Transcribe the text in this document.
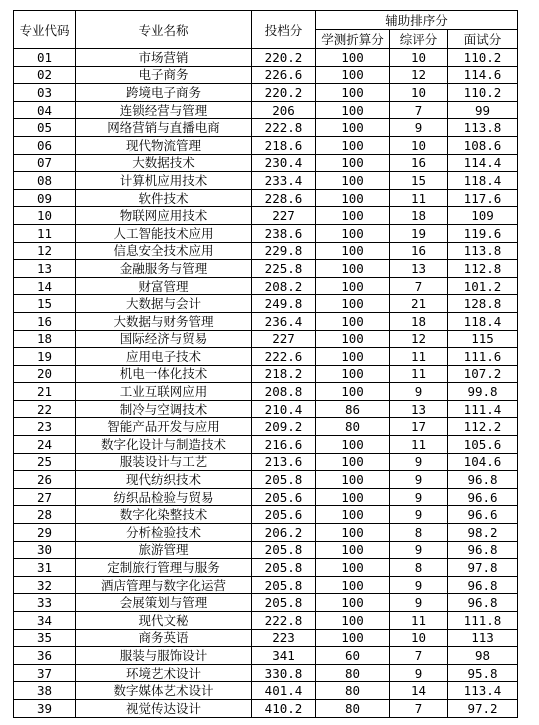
专业代码	专业名称	投档分	辅助排序分		
			学测折算分	综评分	面试分
01	市场营销	220.2	100	10	110.2
02	电子商务	226.6	100	12	114.6
03	跨境电子商务	220.2	100	10	110.2
04	连锁经营与管理	206	100	7	99
05	网络营销与直播电商	222.8	100	9	113.8
06	现代物流管理	218.6	100	10	108.6
07	大数据技术	230.4	100	16	114.4
08	计算机应用技术	233.4	100	15	118.4
09	软件技术	228.6	100	11	117.6
10	物联网应用技术	227	100	18	109
11	人工智能技术应用	238.6	100	19	119.6
12	信息安全技术应用	229.8	100	16	113.8
13	金融服务与管理	225.8	100	13	112.8
14	财富管理	208.2	100	7	101.2
15	大数据与会计	249.8	100	21	128.8
16	大数据与财务管理	236.4	100	18	118.4
18	国际经济与贸易	227	100	12	115
19	应用电子技术	222.6	100	11	111.6
20	机电一体化技术	218.2	100	11	107.2
21	工业互联网应用	208.8	100	9	99.8
22	制冷与空调技术	210.4	86	13	111.4
23	智能产品开发与应用	209.2	80	17	112.2
24	数字化设计与制造技术	216.6	100	11	105.6
25	服装设计与工艺	213.6	100	9	104.6
26	现代纺织技术	205.8	100	9	96.8
27	纺织品检验与贸易	205.6	100	9	96.6
28	数字化染整技术	205.6	100	9	96.6
29	分析检验技术	206.2	100	8	98.2
30	旅游管理	205.8	100	9	96.8
31	定制旅行管理与服务	205.8	100	8	97.8
32	酒店管理与数字化运营	205.8	100	9	96.8
33	会展策划与管理	205.8	100	9	96.8
34	现代文秘	222.8	100	11	111.8
35	商务英语	223	100	10	113
36	服装与服饰设计	341	60	7	98
37	环境艺术设计	330.8	80	9	95.8
38	数字媒体艺术设计	401.4	80	14	113.4
39	视觉传达设计	410.2	80	7	97.2
